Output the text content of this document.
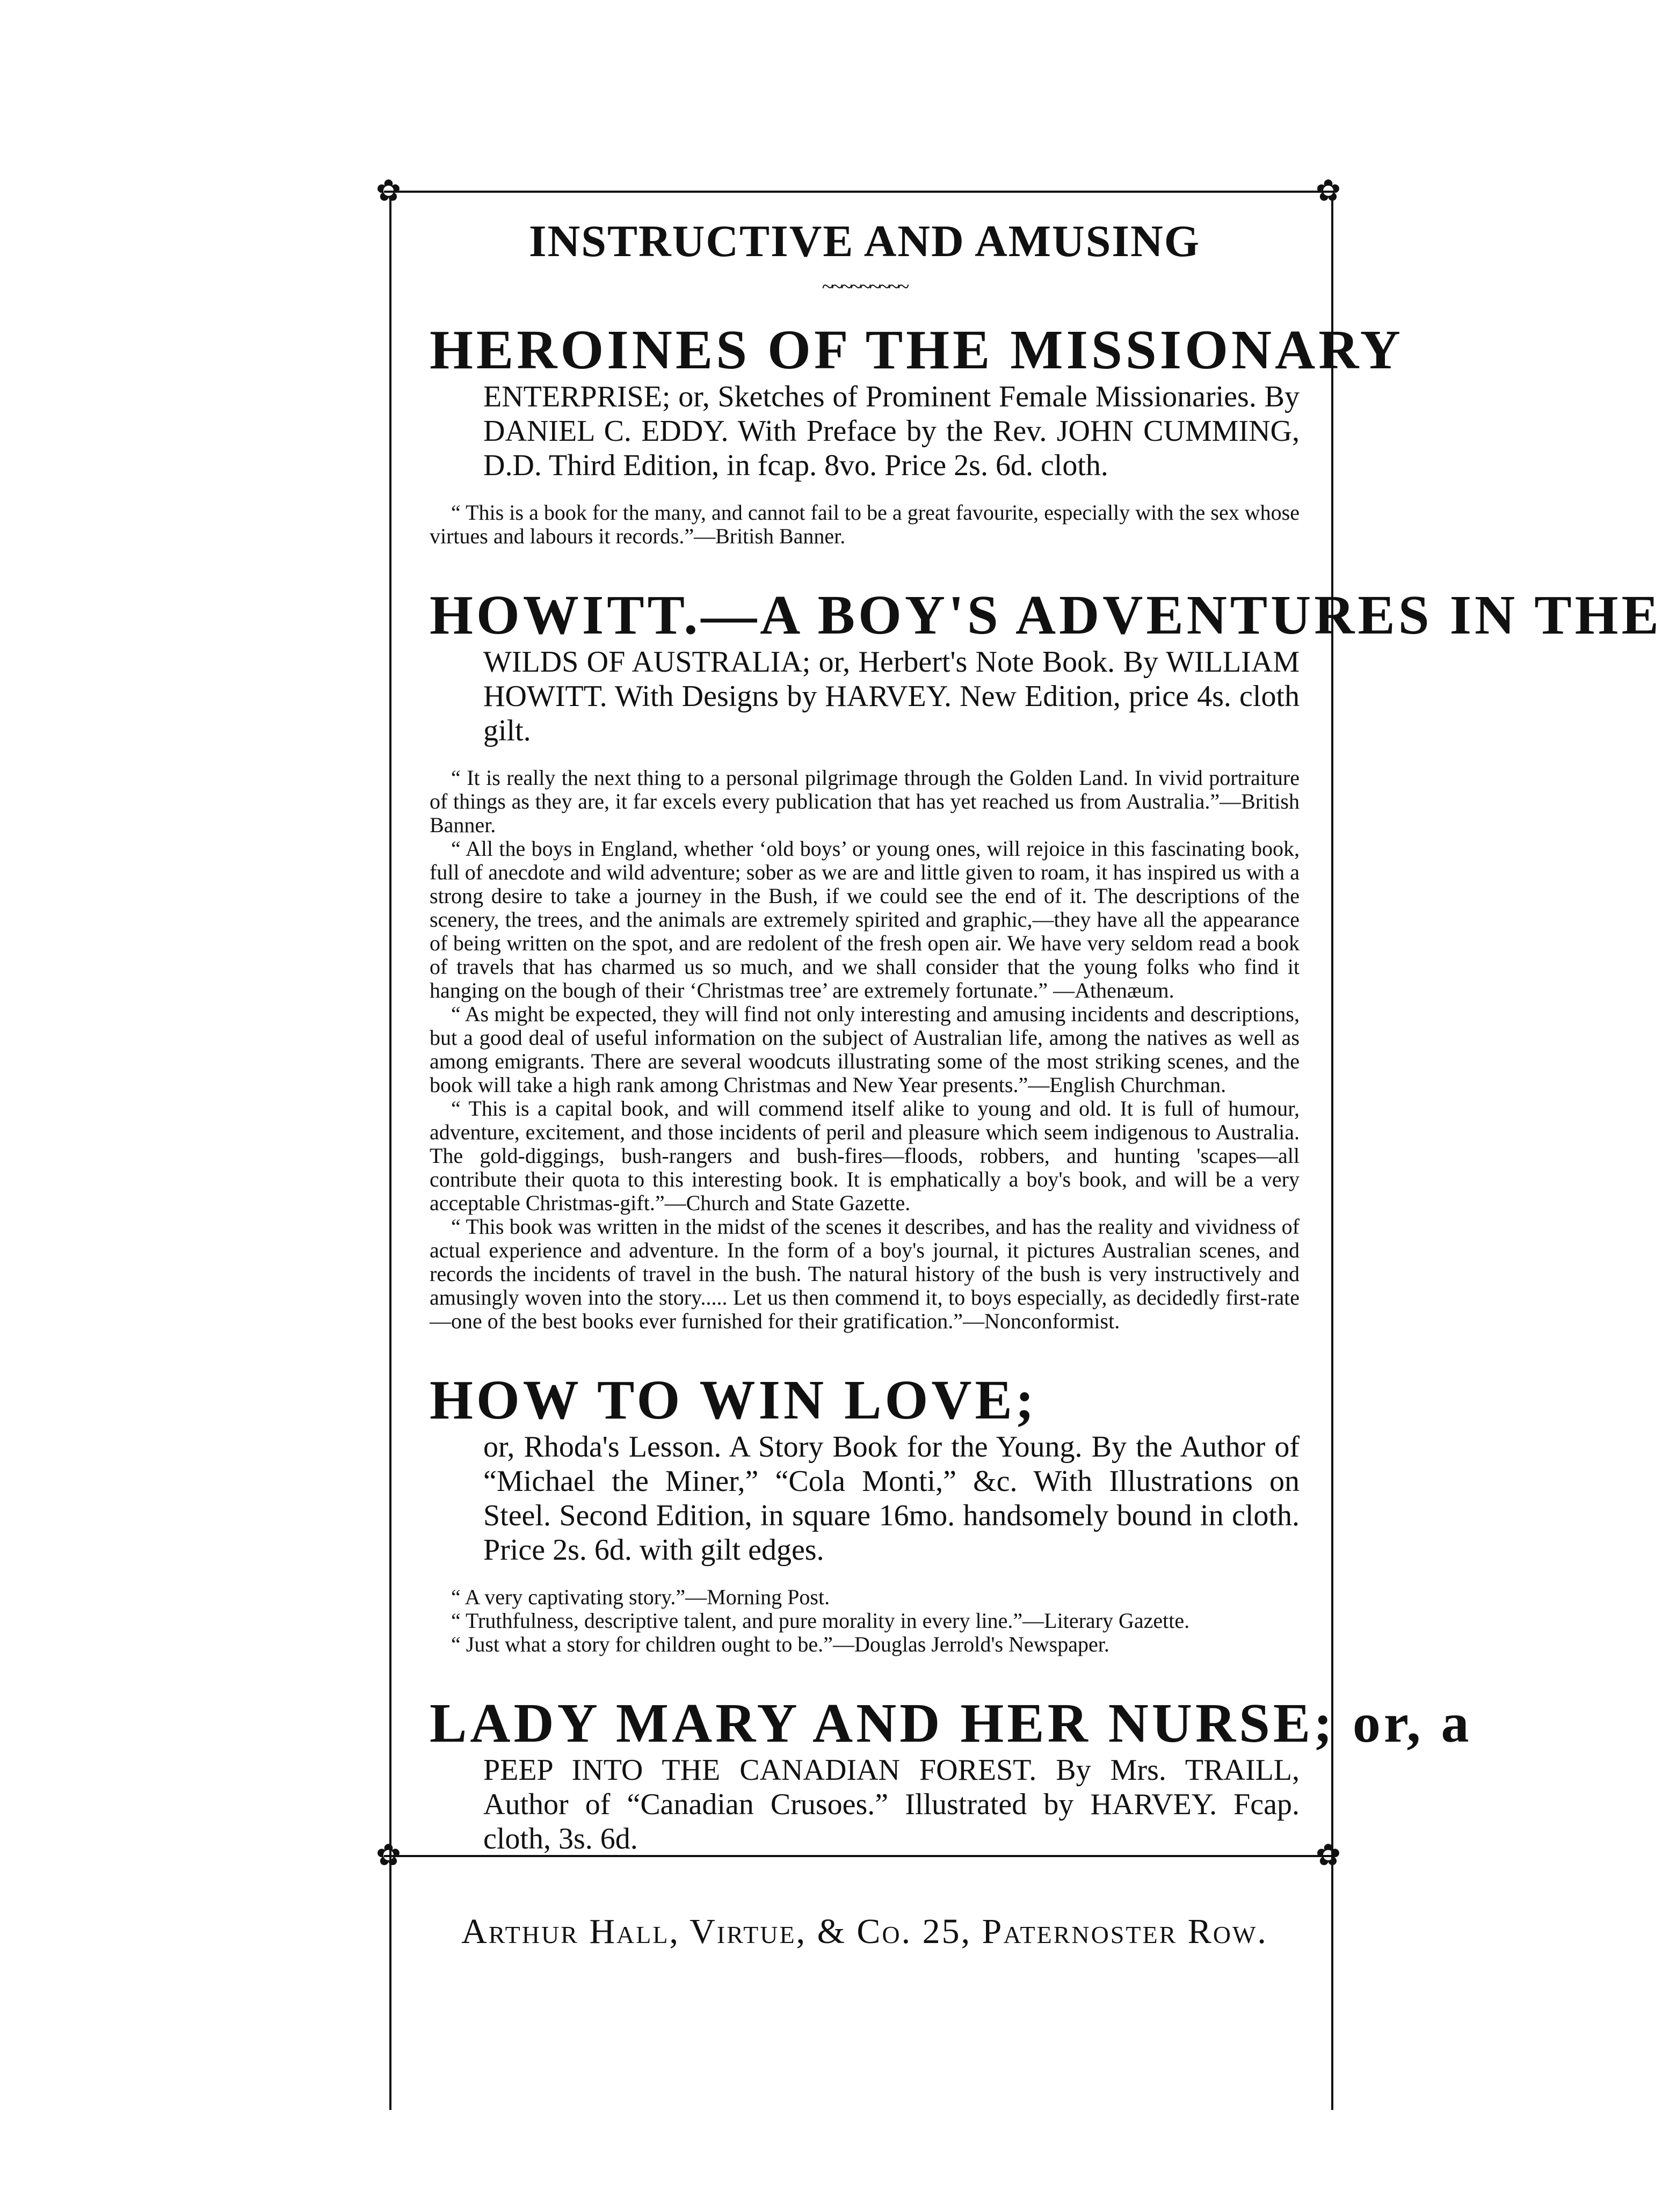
✿	✿
✿	✿
INSTRUCTIVE AND AMUSING
~~~~~~~~~
HEROINES OF THE MISSIONARY

ENTERPRISE; or, Sketches of Prominent Female Missionaries. By DANIEL C. EDDY. With Preface by the Rev. JOHN CUMMING, D.D. Third Edition, in fcap. 8vo. Price 2s. 6d. cloth.

“ This is a book for the many, and cannot fail to be a great favourite, especially with the sex whose virtues and labours it records.”—British Banner.

HOWITT.—A BOY'S ADVENTURES IN THE

WILDS OF AUSTRALIA; or, Herbert's Note Book. By WILLIAM HOWITT. With Designs by HARVEY. New Edition, price 4s. cloth gilt.

“ It is really the next thing to a personal pilgrimage through the Golden Land. In vivid portraiture of things as they are, it far excels every publication that has yet reached us from Australia.”—British Banner.

“ All the boys in England, whether ‘old boys’ or young ones, will rejoice in this fascinating book, full of anecdote and wild adventure; sober as we are and little given to roam, it has inspired us with a strong desire to take a journey in the Bush, if we could see the end of it. The descriptions of the scenery, the trees, and the animals are extremely spirited and graphic,—they have all the appearance of being written on the spot, and are redolent of the fresh open air. We have very seldom read a book of travels that has charmed us so much, and we shall consider that the young folks who find it hanging on the bough of their ‘Christmas tree’ are extremely fortunate.” —Athenæum.

“ As might be expected, they will find not only interesting and amusing incidents and descriptions, but a good deal of useful information on the subject of Australian life, among the natives as well as among emigrants. There are several woodcuts illustrating some of the most striking scenes, and the book will take a high rank among Christmas and New Year presents.”—English Churchman.

“ This is a capital book, and will commend itself alike to young and old. It is full of humour, adventure, excitement, and those incidents of peril and pleasure which seem indigenous to Australia. The gold-diggings, bush-rangers and bush-fires—floods, robbers, and hunting 'scapes—all contribute their quota to this interesting book. It is emphatically a boy's book, and will be a very acceptable Christmas-gift.”—Church and State Gazette.

“ This book was written in the midst of the scenes it describes, and has the reality and vividness of actual experience and adventure. In the form of a boy's journal, it pictures Australian scenes, and records the incidents of travel in the bush. The natural history of the bush is very instructively and amusingly woven into the story..... Let us then commend it, to boys especially, as decidedly first-rate—one of the best books ever furnished for their gratification.”—Nonconformist.

HOW TO WIN LOVE;

or, Rhoda's Lesson. A Story Book for the Young. By the Author of “Michael the Miner,” “Cola Monti,” &c. With Illustrations on Steel. Second Edition, in square 16mo. handsomely bound in cloth. Price 2s. 6d. with gilt edges.

“ A very captivating story.”—Morning Post.

“ Truthfulness, descriptive talent, and pure morality in every line.”—Literary Gazette.

“ Just what a story for children ought to be.”—Douglas Jerrold's Newspaper.

LADY MARY AND HER NURSE; or, a

PEEP INTO THE CANADIAN FOREST. By Mrs. TRAILL, Author of “Canadian Crusoes.” Illustrated by HARVEY. Fcap. cloth, 3s. 6d.

Arthur Hall, Virtue, & Co. 25, Paternoster Row.
